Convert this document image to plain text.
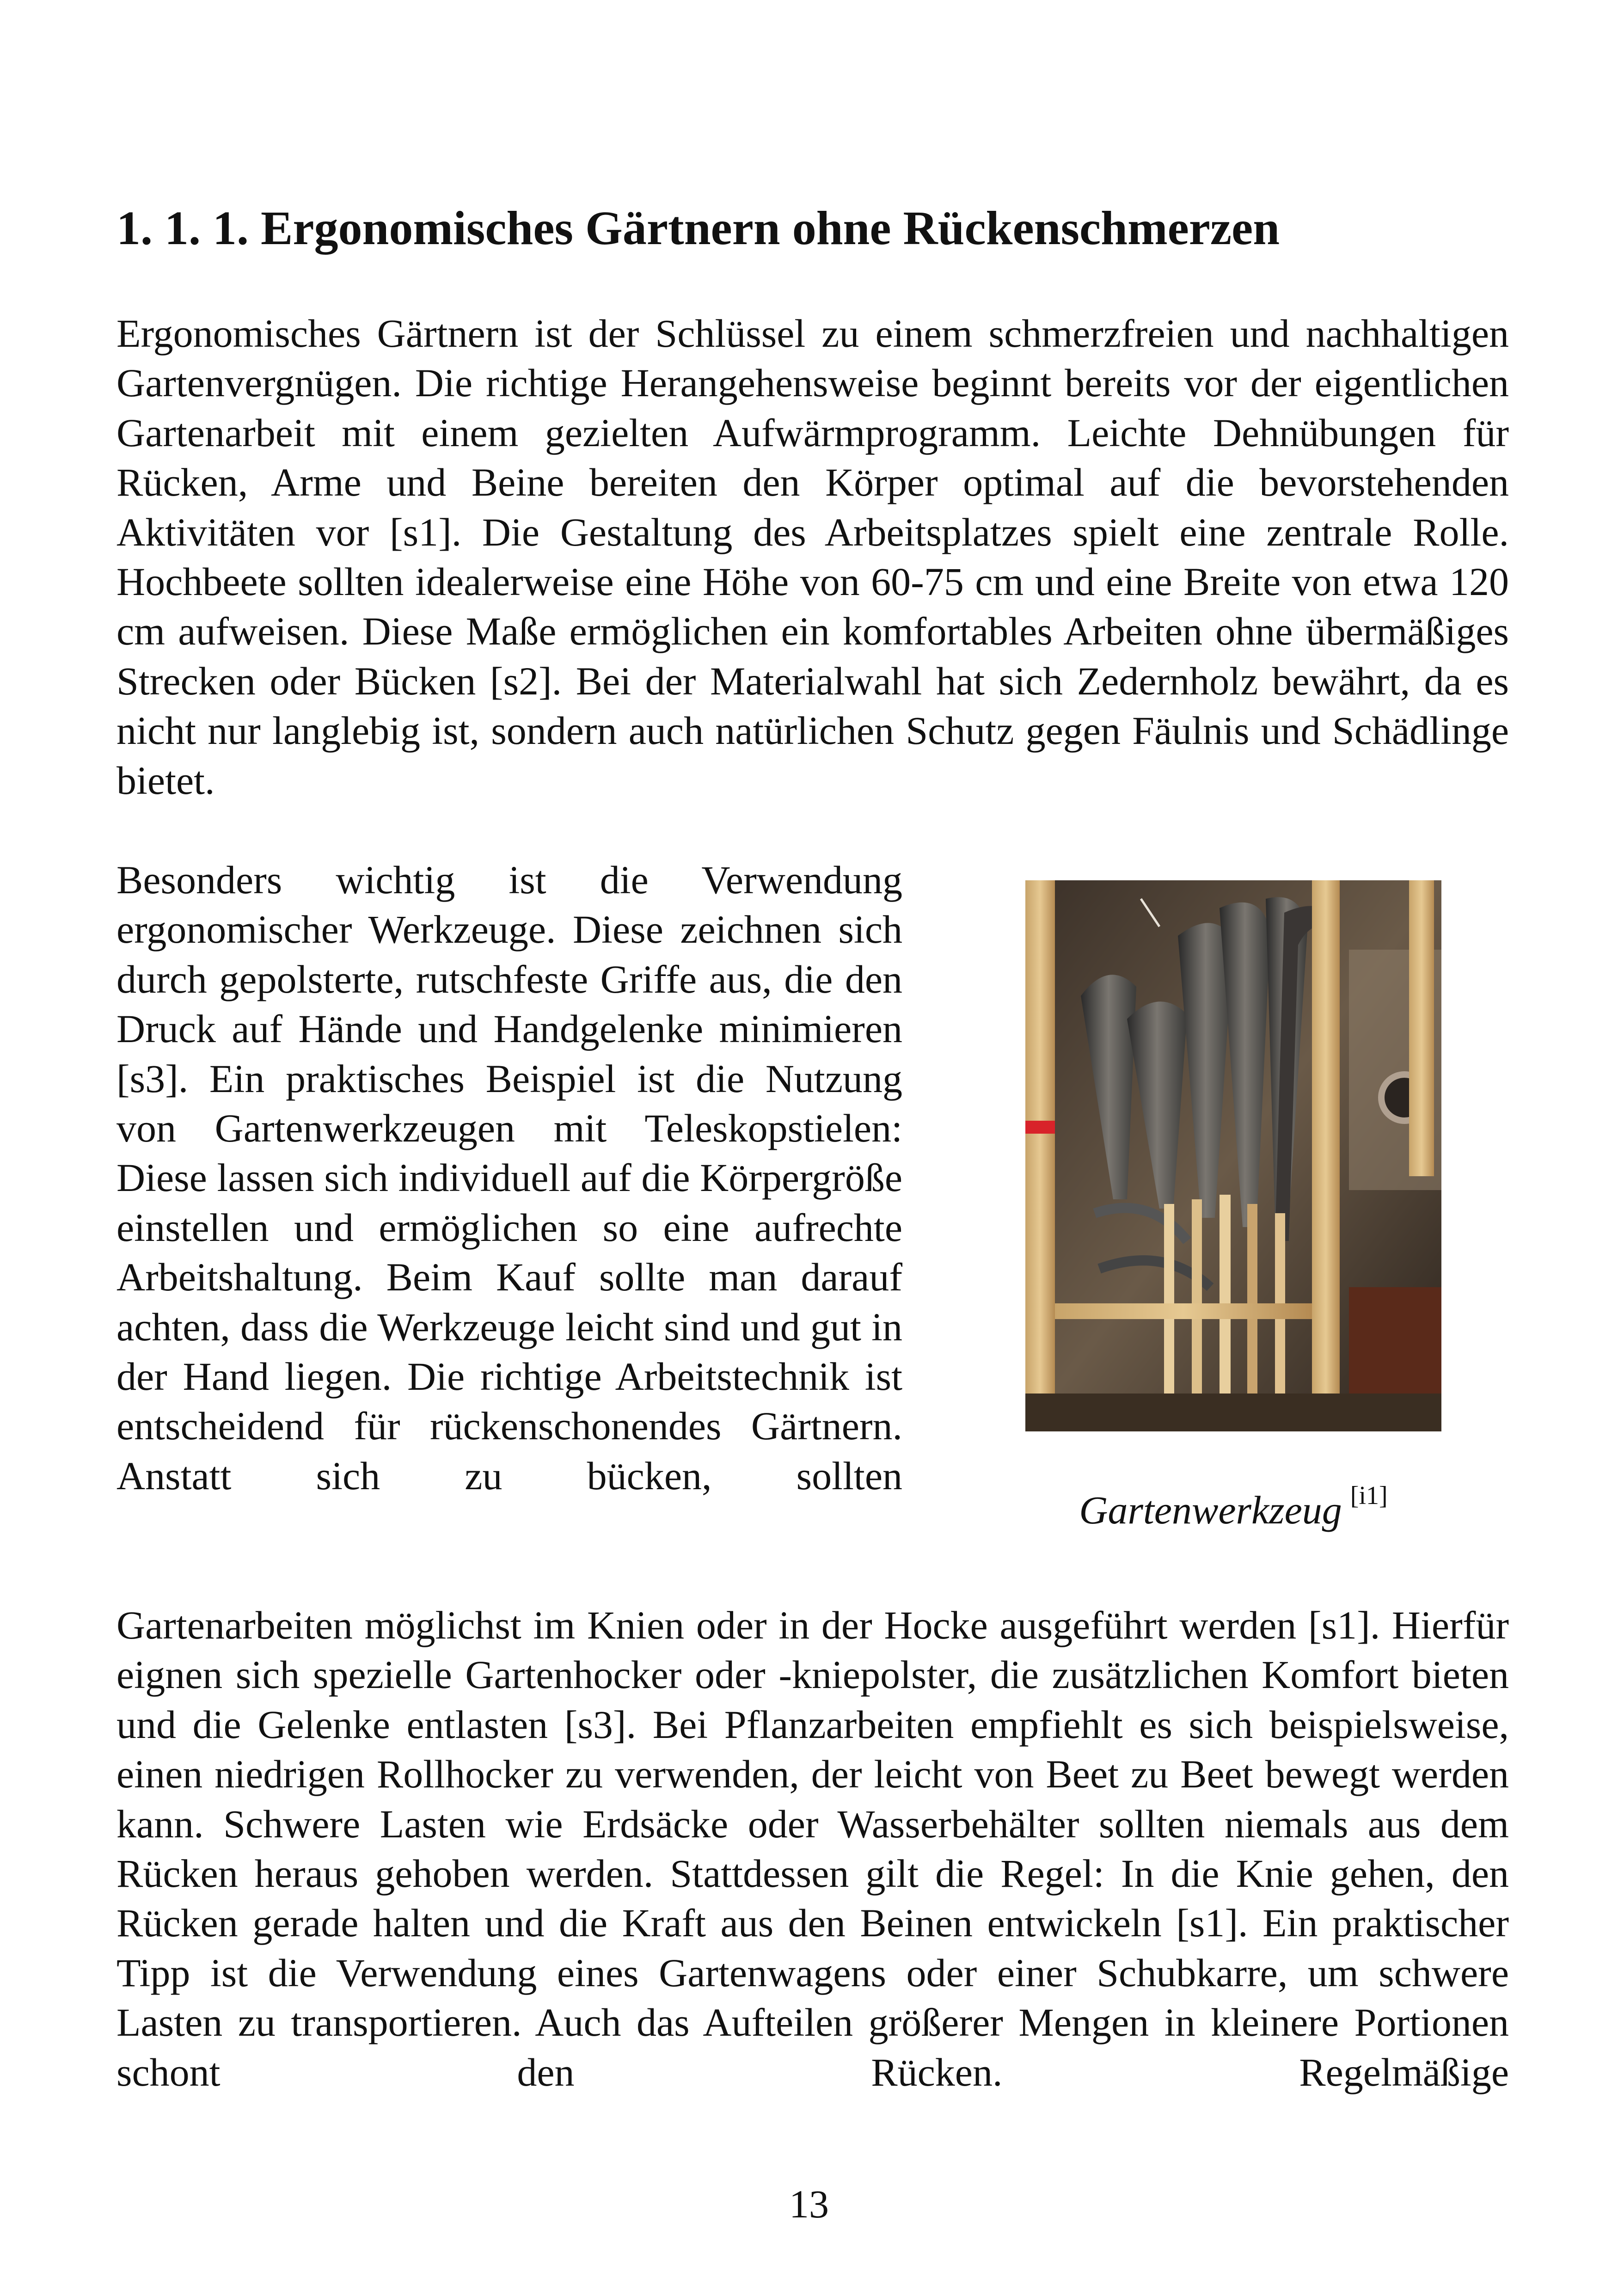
1. 1. 1. Ergonomisches Gärtnern ohne Rückenschmerzen

Ergonomisches Gärtnern ist der Schlüssel zu einem schmerzfreien und nachhaltigen Gartenvergnügen. Die richtige Herangehensweise beginnt bereits vor der eigentlichen Gartenarbeit mit einem gezielten Aufwärmprogramm. Leichte Dehnübungen für Rücken, Arme und Beine bereiten den Körper optimal auf die bevorstehenden Aktivitäten vor [s1]. Die Gestaltung des Arbeitsplatzes spielt eine zentrale Rolle. Hochbeete sollten idealerweise eine Höhe von 60-75 cm und eine Breite von etwa 120 cm aufweisen. Diese Maße ermöglichen ein komfortables Arbeiten ohne übermäßiges Strecken oder Bücken [s2]. Bei der Materialwahl hat sich Zedernholz bewährt, da es nicht nur langlebig ist, sondern auch natürlichen Schutz gegen Fäulnis und Schädlinge bietet.

Besonders wichtig ist die Verwendung ergonomischer Werkzeuge. Diese zeichnen sich durch gepolsterte, rutschfeste Griffe aus, die den Druck auf Hände und Handgelenke minimieren [s3]. Ein praktisches Beispiel ist die Nutzung von Gartenwerkzeugen mit Teleskopstielen: Diese lassen sich individuell auf die Körpergröße einstellen und ermöglichen so eine aufrechte Arbeitshaltung. Beim Kauf sollte man darauf achten, dass die Werkzeuge leicht sind und gut in der Hand liegen. Die richtige Arbeitstechnik ist entscheidend für rückenschonendes Gärtnern. Anstatt sich zu bücken, sollten

Gartenarbeiten möglichst im Knien oder in der Hocke ausgeführt werden [s1]. Hierfür eignen sich spezielle Gartenhocker oder -kniepolster, die zusätzlichen Komfort bieten und die Gelenke entlasten [s3]. Bei Pflanzarbeiten empfiehlt es sich beispielsweise, einen niedrigen Rollhocker zu verwenden, der leicht von Beet zu Beet bewegt werden kann. Schwere Lasten wie Erdsäcke oder Wasserbehälter sollten niemals aus dem Rücken heraus gehoben werden. Stattdessen gilt die Regel: In die Knie gehen, den Rücken gerade halten und die Kraft aus den Beinen entwickeln [s1]. Ein praktischer Tipp ist die Verwendung eines Gartenwagens oder einer Schubkarre, um schwere Lasten zu transportieren. Auch das Aufteilen größerer Mengen in kleinere Portionen schont den Rücken. Regelmäßige

Gartenwerkzeug [i1]
13
